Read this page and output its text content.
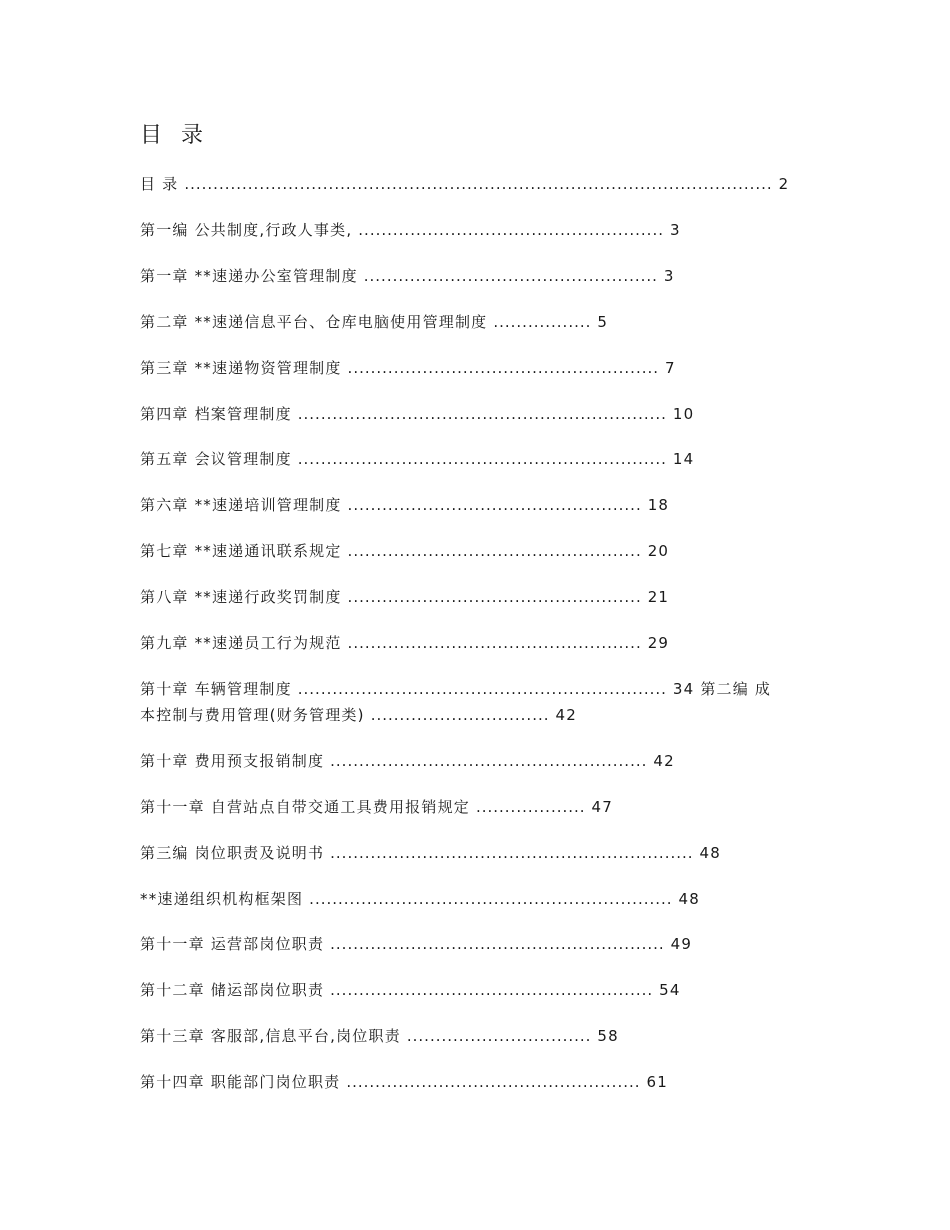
目 录
目 录 ...................................................................................................... 2
第一编 公共制度,行政人事类, ..................................................... 3
第一章 **速递办公室管理制度 ................................................... 3
第二章 **速递信息平台、仓库电脑使用管理制度 ................. 5
第三章 **速递物资管理制度 ...................................................... 7
第四章 档案管理制度 ................................................................ 10
第五章 会议管理制度 ................................................................ 14
第六章 **速递培训管理制度 ................................................... 18
第七章 **速递通讯联系规定 ................................................... 20
第八章 **速递行政奖罚制度 ................................................... 21
第九章 **速递员工行为规范 ................................................... 29
第十章 车辆管理制度 ................................................................ 34 第二编 成
本控制与费用管理(财务管理类) ............................... 42
第十章 费用预支报销制度 ....................................................... 42
第十一章 自营站点自带交通工具费用报销规定 ................... 47
第三编 岗位职责及说明书 ............................................................... 48
**速递组织机构框架图 ............................................................... 48
第十一章 运营部岗位职责 .......................................................... 49
第十二章 储运部岗位职责 ........................................................ 54
第十三章 客服部,信息平台,岗位职责 ................................ 58
第十四章 职能部门岗位职责 ................................................... 61
